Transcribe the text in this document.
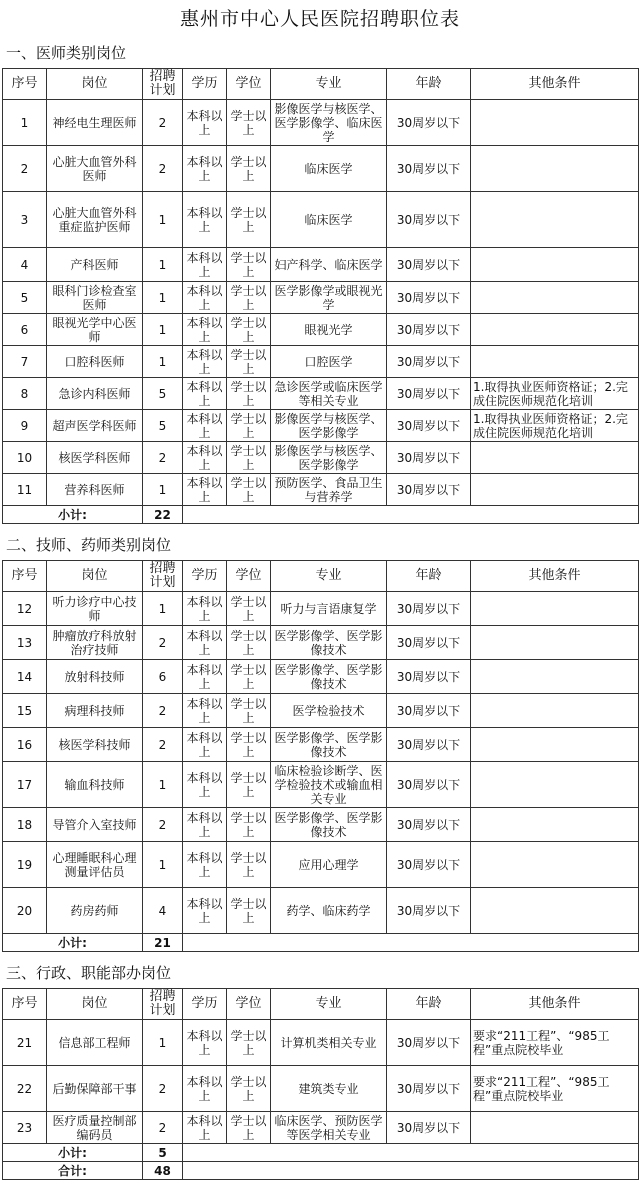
惠州市中心人民医院招聘职位表
一、医师类别岗位
序号	岗位	招聘计划	学历	学位	专业	年龄	其他条件
1	神经电生理医师	2	本科以上	学士以上	影像医学与核医学、医学影像学、临床医学	30周岁以下	
2	心脏大血管外科医师	2	本科以上	学士以上	临床医学	30周岁以下	
3	心脏大血管外科重症监护医师	1	本科以上	学士以上	临床医学	30周岁以下	
4	产科医师	1	本科以上	学士以上	妇产科学、临床医学	30周岁以下	
5	眼科门诊检查室医师	1	本科以上	学士以上	医学影像学或眼视光学	30周岁以下	
6	眼视光学中心医师	1	本科以上	学士以上	眼视光学	30周岁以下	
7	口腔科医师	1	本科以上	学士以上	口腔医学	30周岁以下	
8	急诊内科医师	5	本科以上	学士以上	急诊医学或临床医学等相关专业	30周岁以下	1.取得执业医师资格证；2.完成住院医师规范化培训
9	超声医学科医师	5	本科以上	学士以上	影像医学与核医学、医学影像学	30周岁以下	1.取得执业医师资格证；2.完成住院医师规范化培训
10	核医学科医师	2	本科以上	学士以上	影像医学与核医学、医学影像学	30周岁以下	
11	营养科医师	1	本科以上	学士以上	预防医学、食品卫生与营养学	30周岁以下	
小计:		22					
二、技师、药师类别岗位
序号	岗位	招聘计划	学历	学位	专业	年龄	其他条件
12	听力诊疗中心技师	1	本科以上	学士以上	听力与言语康复学	30周岁以下	
13	肿瘤放疗科放射治疗技师	2	本科以上	学士以上	医学影像学、医学影像技术	30周岁以下	
14	放射科技师	6	本科以上	学士以上	医学影像学、医学影像技术	30周岁以下	
15	病理科技师	2	本科以上	学士以上	医学检验技术	30周岁以下	
16	核医学科技师	2	本科以上	学士以上	医学影像学、医学影像技术	30周岁以下	
17	输血科技师	1	本科以上	学士以上	临床检验诊断学、医学检验技术或输血相关专业	30周岁以下	
18	导管介入室技师	2	本科以上	学士以上	医学影像学、医学影像技术	30周岁以下	
19	心理睡眠科心理测量评估员	1	本科以上	学士以上	应用心理学	30周岁以下	
20	药房药师	4	本科以上	学士以上	药学、临床药学	30周岁以下	
小计:		21					
三、行政、职能部办岗位
序号	岗位	招聘计划	学历	学位	专业	年龄	其他条件
21	信息部工程师	1	本科以上	学士以上	计算机类相关专业	30周岁以下	要求“211工程”、“985工程”重点院校毕业
22	后勤保障部干事	2	本科以上	学士以上	建筑类专业	30周岁以下	要求“211工程”、“985工程”重点院校毕业
23	医疗质量控制部编码员	2	本科以上	学士以上	临床医学、预防医学等医学相关专业	30周岁以下	
小计:		5					
合计:		48					
